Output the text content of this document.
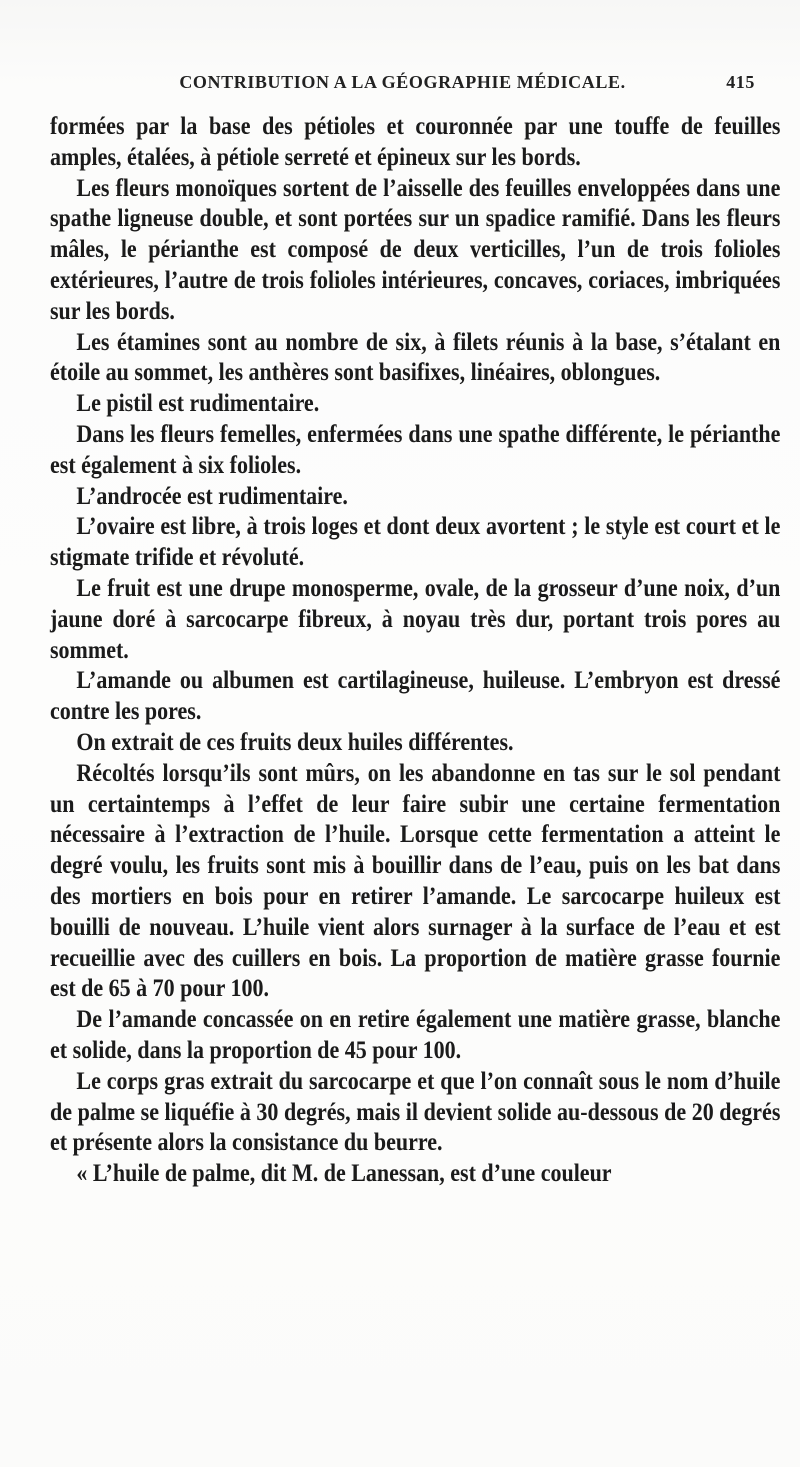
CONTRIBUTION A LA GÉOGRAPHIE MÉDICALE.	415

formées par la base des pétioles et couronnée par une touffe de feuilles amples, étalées, à pétiole serreté et épineux sur les bords.

Les fleurs monoïques sortent de l’aisselle des feuilles enveloppées dans une spathe ligneuse double, et sont portées sur un spadice ramifié. Dans les fleurs mâles, le périanthe est composé de deux verticilles, l’un de trois folioles extérieures, l’autre de trois folioles intérieures, concaves, coriaces, imbriquées sur les bords.

Les étamines sont au nombre de six, à filets réunis à la base, s’étalant en étoile au sommet, les anthères sont basifixes, linéaires, oblongues.

Le pistil est rudimentaire.

Dans les fleurs femelles, enfermées dans une spathe différente, le périanthe est également à six folioles.

L’androcée est rudimentaire.

L’ovaire est libre, à trois loges et dont deux avortent ; le style est court et le stigmate trifide et révoluté.

Le fruit est une drupe monosperme, ovale, de la grosseur d’une noix, d’un jaune doré à sarcocarpe fibreux, à noyau très dur, portant trois pores au sommet.

L’amande ou albumen est cartilagineuse, huileuse. L’embryon est dressé contre les pores.

On extrait de ces fruits deux huiles différentes.

Récoltés lorsqu’ils sont mûrs, on les abandonne en tas sur le sol pendant un certaintemps à l’effet de leur faire subir une certaine fermentation nécessaire à l’extraction de l’huile. Lorsque cette fermentation a atteint le degré voulu, les fruits sont mis à bouillir dans de l’eau, puis on les bat dans des mortiers en bois pour en retirer l’amande. Le sarcocarpe huileux est bouilli de nouveau. L’huile vient alors surnager à la surface de l’eau et est recueillie avec des cuillers en bois. La proportion de matière grasse fournie est de 65 à 70 pour 100.

De l’amande concassée on en retire également une matière grasse, blanche et solide, dans la proportion de 45 pour 100.

Le corps gras extrait du sarcocarpe et que l’on connaît sous le nom d’huile de palme se liquéfie à 30 degrés, mais il devient solide au-dessous de 20 degrés et présente alors la consistance du beurre.

« L’huile de palme, dit M. de Lanessan, est d’une couleur
